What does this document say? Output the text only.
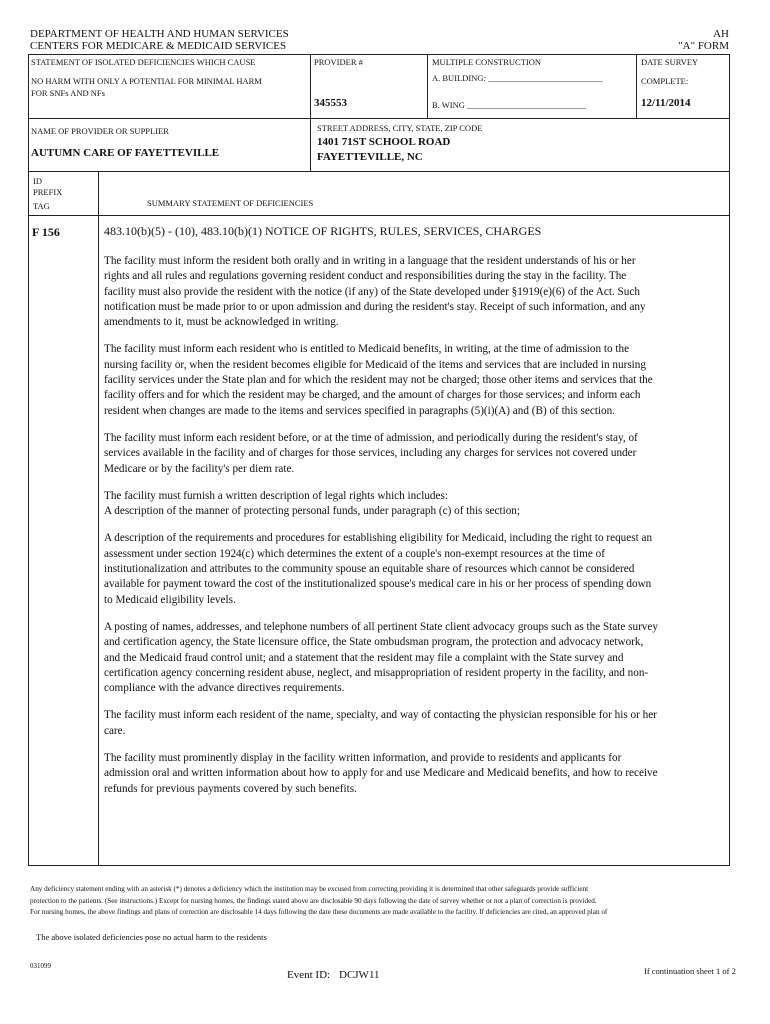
DEPARTMENT OF HEALTH AND HUMAN SERVICES
CENTERS FOR MEDICARE & MEDICAID SERVICES
AH
"A" FORM
STATEMENT OF ISOLATED DEFICIENCIES WHICH CAUSE
NO HARM WITH ONLY A POTENTIAL FOR MINIMAL HARM
FOR SNFs AND NFs
PROVIDER #
345553
MULTIPLE CONSTRUCTION
A. BUILDING: ___________________________
B. WING ____________________________
DATE SURVEY
COMPLETE:
12/11/2014
NAME OF PROVIDER OR SUPPLIER
AUTUMN CARE OF FAYETTEVILLE
STREET ADDRESS, CITY, STATE, ZIP CODE
1401 71ST SCHOOL ROAD
FAYETTEVILLE, NC
ID
PREFIX
TAG	SUMMARY STATEMENT OF DEFICIENCIES
F 156	483.10(b)(5) - (10), 483.10(b)(1) NOTICE OF RIGHTS, RULES, SERVICES, CHARGES

The facility must inform the resident both orally and in writing in a language that the resident understands of his or her rights and all rules and regulations governing resident conduct and responsibilities during the stay in the facility. The facility must also provide the resident with the notice (if any) of the State developed under §1919(e)(6) of the Act. Such notification must be made prior to or upon admission and during the resident's stay. Receipt of such information, and any amendments to it, must be acknowledged in writing.

The facility must inform each resident who is entitled to Medicaid benefits, in writing, at the time of admission to the nursing facility or, when the resident becomes eligible for Medicaid of the items and services that are included in nursing facility services under the State plan and for which the resident may not be charged; those other items and services that the facility offers and for which the resident may be charged, and the amount of charges for those services; and inform each resident when changes are made to the items and services specified in paragraphs (5)(i)(A) and (B) of this section.

The facility must inform each resident before, or at the time of admission, and periodically during the resident's stay, of services available in the facility and of charges for those services, including any charges for services not covered under Medicare or by the facility's per diem rate.

The facility must furnish a written description of legal rights which includes:
A description of the manner of protecting personal funds, under paragraph (c) of this section;

A description of the requirements and procedures for establishing eligibility for Medicaid, including the right to request an assessment under section 1924(c) which determines the extent of a couple's non-exempt resources at the time of institutionalization and attributes to the community spouse an equitable share of resources which cannot be considered available for payment toward the cost of the institutionalized spouse's medical care in his or her process of spending down to Medicaid eligibility levels.

A posting of names, addresses, and telephone numbers of all pertinent State client advocacy groups such as the State survey and certification agency, the State licensure office, the State ombudsman program, the protection and advocacy network, and the Medicaid fraud control unit; and a statement that the resident may file a complaint with the State survey and certification agency concerning resident abuse, neglect, and misappropriation of resident property in the facility, and non-compliance with the advance directives requirements.

The facility must inform each resident of the name, specialty, and way of contacting the physician responsible for his or her care.

The facility must prominently display in the facility written information, and provide to residents and applicants for admission oral and written information about how to apply for and use Medicare and Medicaid benefits, and how to receive refunds for previous payments covered by such benefits.

Any deficiency statement ending with an asterisk (*) denotes a deficiency which the institution may be excused from correcting providing it is determined that other safeguards provide sufficient
protection to the patients. (See instructions.) Except for nursing homes, the findings stated above are disclosable 90 days following the date of survey whether or not a plan of correction is provided.
For nursing homes, the above findings and plans of correction are disclosable 14 days following the date these documents are made available to the facility. If deficiencies are cited, an approved plan of
The above isolated deficiencies pose no actual harm to the residents
031099
Event ID: DCJW11	If continuation sheet 1 of 2
